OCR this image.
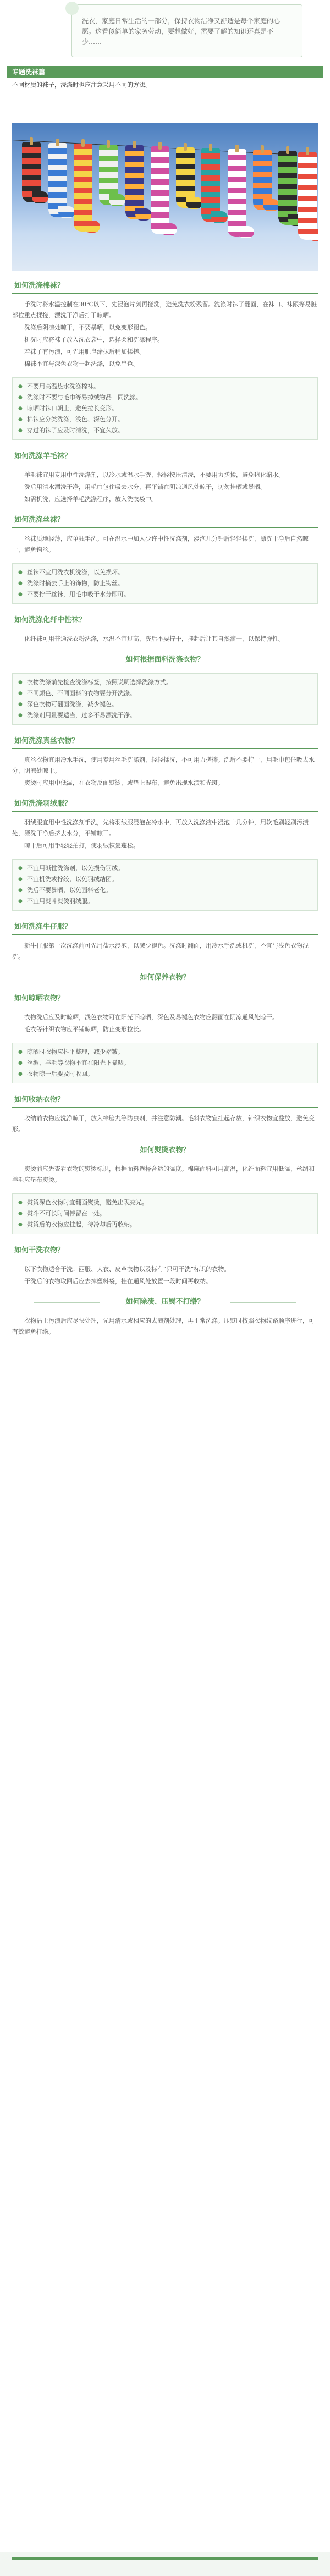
洗衣，家庭日常生活的一部分，保持衣物洁净又舒适是每个家庭的心愿。这看似简单的家务劳动，要想做好，需要了解的知识还真是不少……
专题洗袜篇
不同材质的袜子，洗涤时也应注意采用不同的方法。
如何洗涤棉袜？

手洗时将水温控制在30℃以下，先浸泡片刻再搓洗，避免洗衣粉残留。洗涤时袜子翻面，在袜口、袜跟等易脏部位重点揉搓，漂洗干净后拧干晾晒。

洗涤后阴凉处晾干，不要暴晒，以免变形褪色。

机洗时应将袜子放入洗衣袋中，选择柔和洗涤程序。

若袜子有污渍，可先用肥皂涂抹后稍加揉搓。

棉袜不宜与深色衣物一起洗涤，以免串色。

● 不要用高温热水洗涤棉袜。
● 洗涤时不要与毛巾等易掉绒物品一同洗涤。
● 晾晒时袜口朝上，避免拉长变形。
● 棉袜应分类洗涤，浅色、深色分开。
● 穿过的袜子应及时清洗，不宜久放。
如何洗涤羊毛袜？

羊毛袜宜用专用中性洗涤剂，以冷水或温水手洗，轻轻按压清洗，不要用力搓揉，避免毡化缩水。

洗后用清水漂洗干净，用毛巾包住吸去水分，再平铺在阴凉通风处晾干，切勿挂晒或暴晒。

如需机洗，应选择羊毛洗涤程序，放入洗衣袋中。

如何洗涤丝袜？

丝袜质地轻薄，应单独手洗。可在温水中加入少许中性洗涤剂，浸泡几分钟后轻轻揉洗，漂洗干净后自然晾干，避免钩丝。

● 丝袜不宜用洗衣机洗涤，以免损坏。
● 洗涤时摘去手上的饰物，防止钩丝。
● 不要拧干丝袜，用毛巾吸干水分即可。
如何洗涤化纤中性袜？

化纤袜可用普通洗衣粉洗涤，水温不宜过高，洗后不要拧干，挂起后让其自然滴干，以保持弹性。

如何根据面料洗涤衣物？
● 衣物洗涤前先检查洗涤标签，按照说明选择洗涤方式。
● 不同颜色、不同面料的衣物要分开洗涤。
● 深色衣物可翻面洗涤，减少褪色。
● 洗涤剂用量要适当，过多不易漂洗干净。
如何洗涤真丝衣物？

真丝衣物宜用冷水手洗，使用专用丝毛洗涤剂，轻轻揉洗，不可用力搓擦。洗后不要拧干，用毛巾包住吸去水分，阴凉处晾干。

熨烫时应用中低温，在衣物反面熨烫，或垫上湿布，避免出现水渍和光斑。

如何洗涤羽绒服？

羽绒服宜用中性洗涤剂手洗，先将羽绒服浸泡在冷水中，再放入洗涤液中浸泡十几分钟，用软毛刷轻刷污渍处，漂洗干净后挤去水分，平铺晾干。

晾干后可用手轻轻拍打，使羽绒恢复蓬松。

● 不宜用碱性洗涤剂，以免损伤羽绒。
● 不宜机洗或拧绞，以免羽绒结团。
● 洗后不要暴晒，以免面料老化。
● 不宜用熨斗熨烫羽绒服。
如何洗涤牛仔服？

新牛仔服第一次洗涤前可先用盐水浸泡，以减少褪色。洗涤时翻面，用冷水手洗或机洗，不宜与浅色衣物混洗。

如何保养衣物？
如何晾晒衣物？

衣物洗后应及时晾晒，浅色衣物可在阳光下晾晒，深色及易褪色衣物应翻面在阴凉通风处晾干。

毛衣等针织衣物应平铺晾晒，防止变形拉长。

● 晾晒时衣物应抖平整理，减少褶皱。
● 丝绸、羊毛等衣物不宜在阳光下暴晒。
● 衣物晾干后要及时收回。
如何收纳衣物？

收纳前衣物应洗净晾干，放入樟脑丸等防虫剂，并注意防潮。毛料衣物宜挂起存放，针织衣物宜叠放，避免变形。

如何熨烫衣物？

熨烫前应先查看衣物的熨烫标识，根据面料选择合适的温度。棉麻面料可用高温，化纤面料宜用低温，丝绸和羊毛应垫布熨烫。

● 熨烫深色衣物时宜翻面熨烫，避免出现亮光。
● 熨斗不可长时间停留在一处。
● 熨烫后的衣物应挂起，待冷却后再收纳。
如何干洗衣物？

以下衣物适合干洗：西服、大衣、皮革衣物以及标有“只可干洗”标识的衣物。

干洗后的衣物取回后应去掉塑料袋，挂在通风处放置一段时间再收纳。

如何除渍、压熨不打绺？

衣物沾上污渍后应尽快处理，先用清水或相应的去渍剂处理，再正常洗涤。压熨时按照衣物纹路顺序进行，可有效避免打绺。
